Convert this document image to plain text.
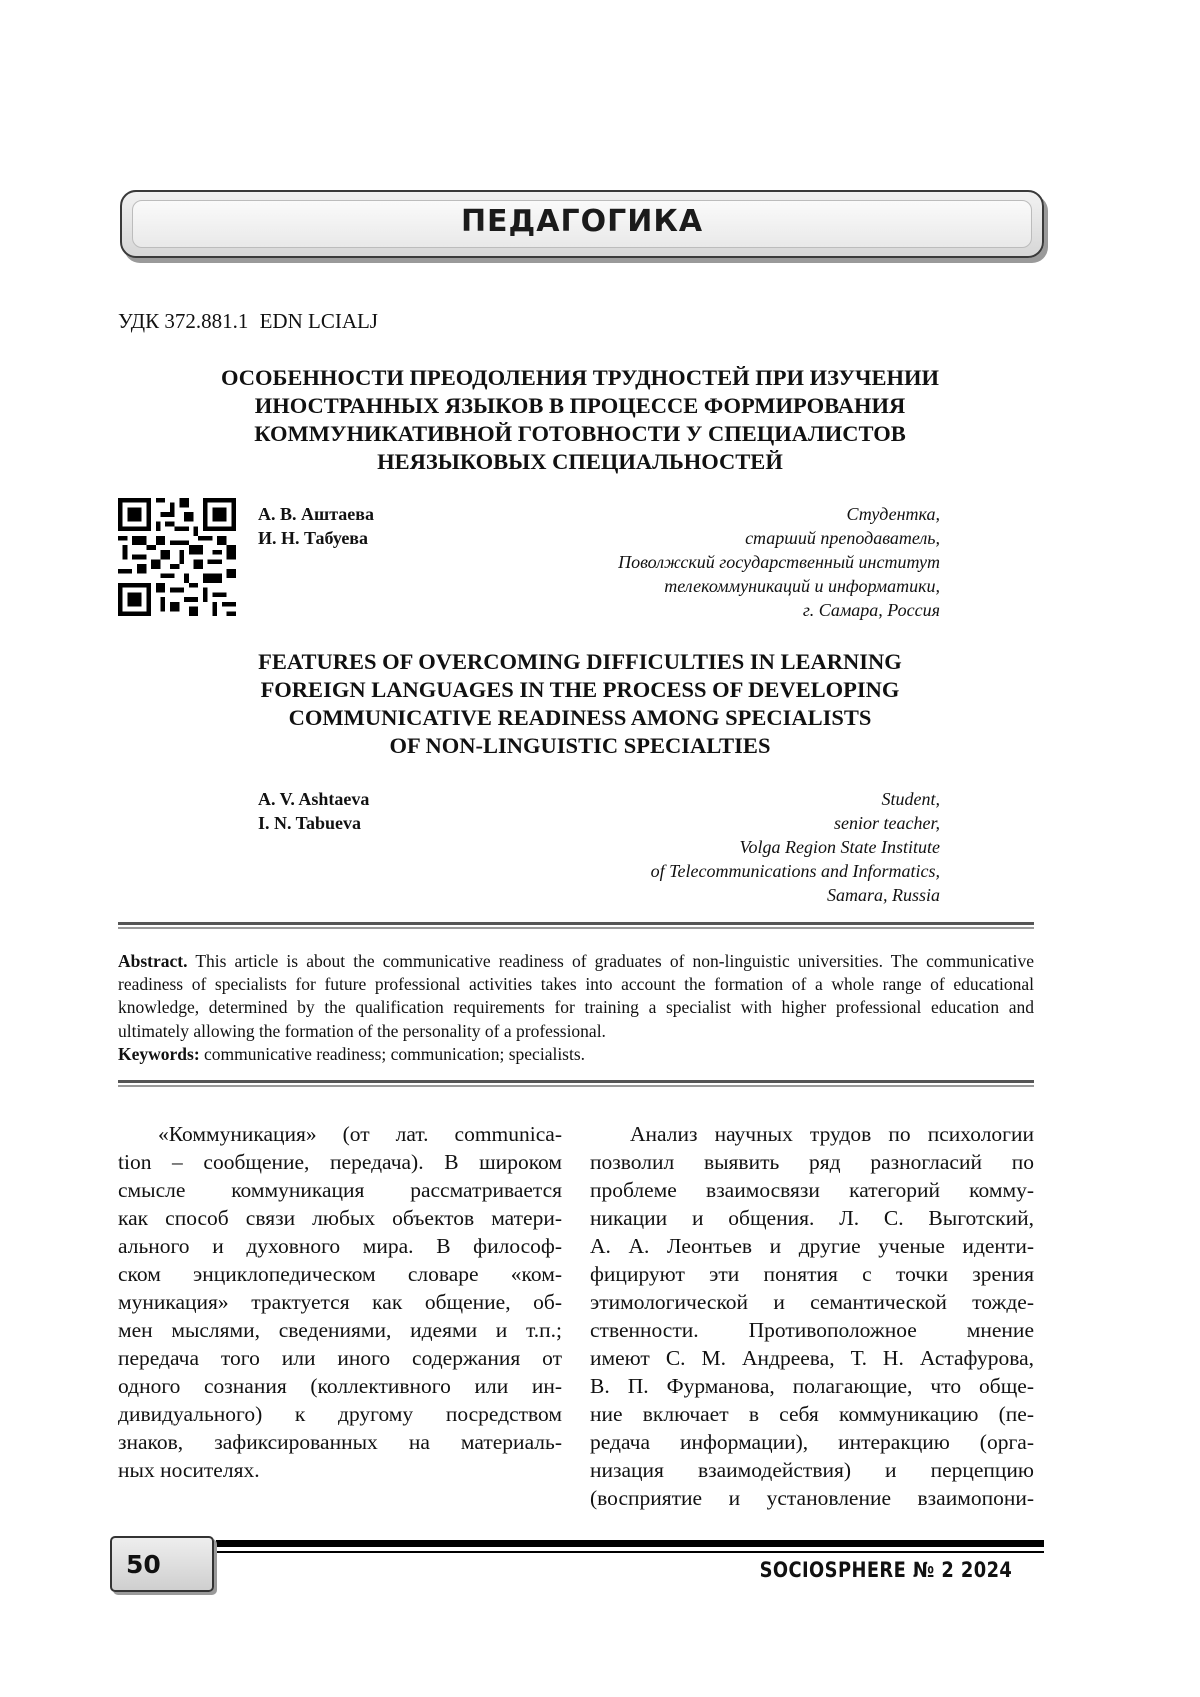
ПЕДАГОГИКА
УДК 372.881.1 EDN LCIALJ
ОСОБЕННОСТИ ПРЕОДОЛЕНИЯ ТРУДНОСТЕЙ ПРИ ИЗУЧЕНИИ
ИНОСТРАННЫХ ЯЗЫКОВ В ПРОЦЕССЕ ФОРМИРОВАНИЯ
КОММУНИКАТИВНОЙ ГОТОВНОСТИ У СПЕЦИАЛИСТОВ
НЕЯЗЫКОВЫХ СПЕЦИАЛЬНОСТЕЙ
А. В. Аштаева
И. Н. Табуева
Студентка,
старший преподаватель,
Поволжский государственный институт
телекоммуникаций и информатики,
г. Самара, Россия
FEATURES OF OVERCOMING DIFFICULTIES IN LEARNING
FOREIGN LANGUAGES IN THE PROCESS OF DEVELOPING
COMMUNICATIVE READINESS AMONG SPECIALISTS
OF NON-LINGUISTIC SPECIALTIES
A. V. Ashtaeva
I. N. Tabueva
Student,
senior teacher,
Volga Region State Institute
of Telecommunications and Informatics,
Samara, Russia
Abstract. This article is about the communicative readiness of graduates of non-linguistic universities. The communicative readiness of specialists for future professional activities takes into account the formation of a whole range of educational knowledge, determined by the qualification requirements for training a specialist with higher professional education and ultimately allowing the formation of the personality of a professional.
Keywords: communicative readiness; communication; specialists.
«Коммуникация» (от лат. communica-
tion – сообщение, передача). В широком
смысле коммуникация рассматривается
как способ связи любых объектов матери-
ального и духовного мира. В философ-
ском энциклопедическом словаре «ком-
муникация» трактуется как общение, об-
мен мыслями, сведениями, идеями и т.п.;
передача того или иного содержания от
одного сознания (коллективного или ин-
дивидуального) к другому посредством
знаков, зафиксированных на материаль-
ных носителях.
Анализ научных трудов по психологии
позволил выявить ряд разногласий по
проблеме взаимосвязи категорий комму-
никации и общения. Л. С. Выготский,
А. А. Леонтьев и другие ученые иденти-
фицируют эти понятия с точки зрения
этимологической и семантической тожде-
ственности. Противоположное мнение
имеют С. М. Андреева, Т. Н. Астафурова,
В. П. Фурманова, полагающие, что обще-
ние включает в себя коммуникацию (пе-
редача информации), интеракцию (орга-
низация взаимодействия) и перцепцию
(восприятие и установление взаимопони-
50	SOCIOSPHERE № 2 2024
